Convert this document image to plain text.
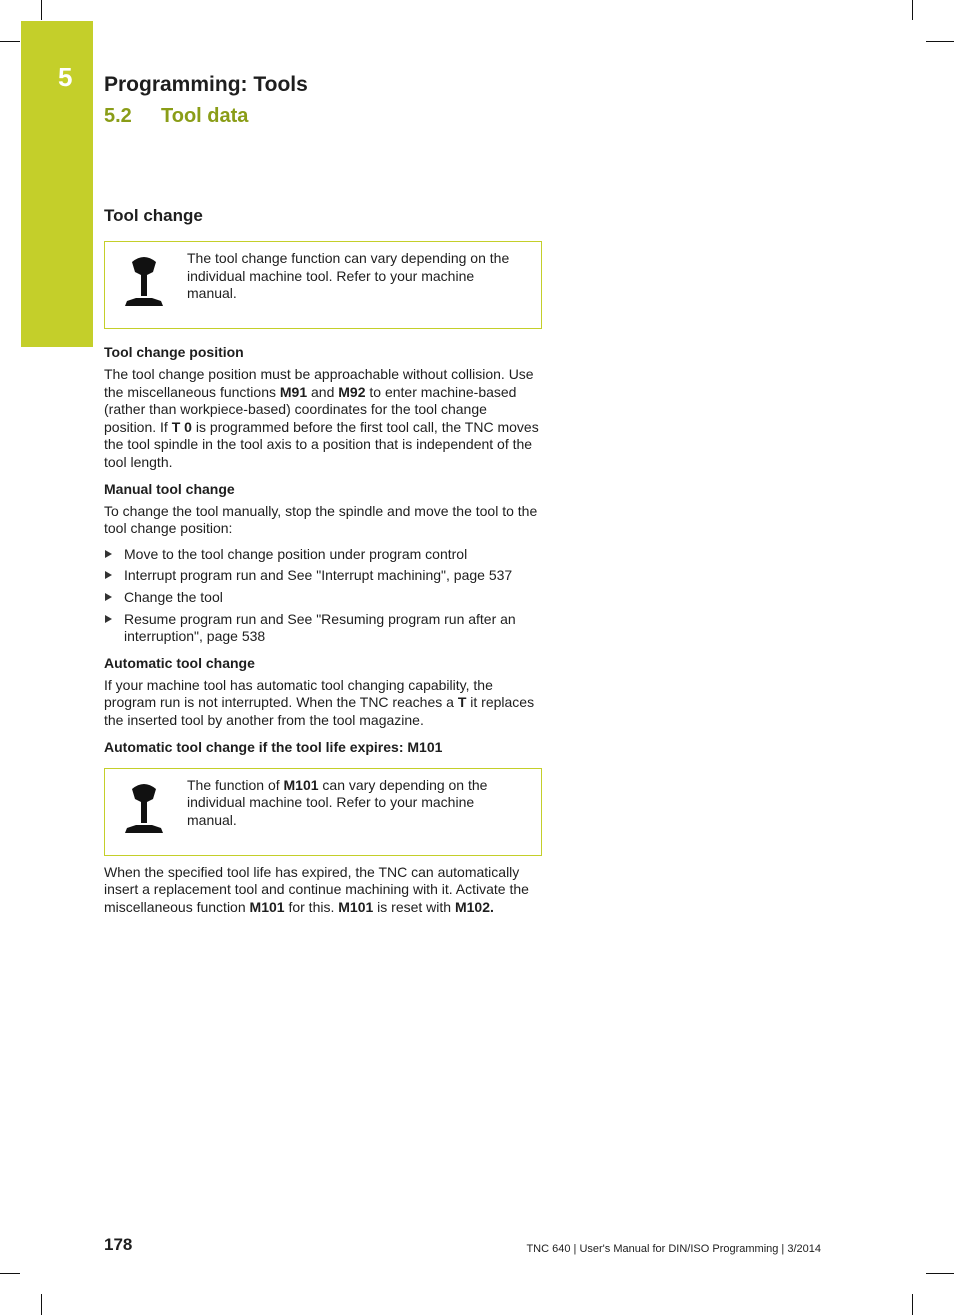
5 Programming: Tools
5.2 Tool data
Tool change
The tool change function can vary depending on the individual machine tool. Refer to your machine manual.
Tool change position

The tool change position must be approachable without collision. Use the miscellaneous functions M91 and M92 to enter machine-based (rather than workpiece-based) coordinates for the tool change position. If T 0 is programmed before the first tool call, the TNC moves the tool spindle in the tool axis to a position that is independent of the tool length.

Manual tool change

To change the tool manually, stop the spindle and move the tool to the tool change position:

Move to the tool change position under program control
Interrupt program run and See "Interrupt machining", page 537
Change the tool
Resume program run and See "Resuming program run after an interruption", page 538
Automatic tool change

If your machine tool has automatic tool changing capability, the program run is not interrupted. When the TNC reaches a T it replaces the inserted tool by another from the tool magazine.

Automatic tool change if the tool life expires: M101
The function of M101 can vary depending on the individual machine tool. Refer to your machine manual.

When the specified tool life has expired, the TNC can automatically insert a replacement tool and continue machining with it. Activate the miscellaneous function M101 for this. M101 is reset with M102.

178	TNC 640 | User's Manual for DIN/ISO Programming | 3/2014
